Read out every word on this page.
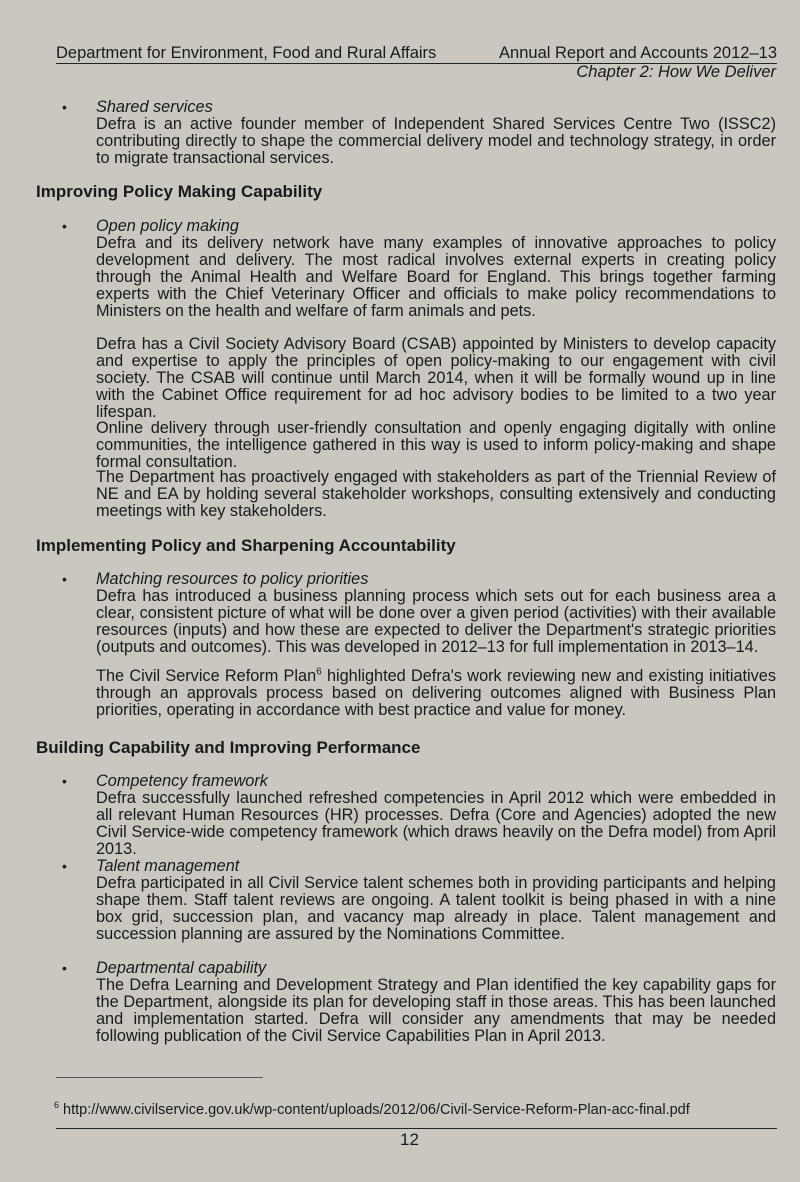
Department for Environment, Food and Rural Affairs	Annual Report and Accounts 2012–13
Chapter 2: How We Deliver
• Shared services

Defra is an active founder member of Independent Shared Services Centre Two (ISSC2) contributing directly to shape the commercial delivery model and technology strategy, in order to migrate transactional services.

Improving Policy Making Capability
• Open policy making

Defra and its delivery network have many examples of innovative approaches to policy development and delivery. The most radical involves external experts in creating policy through the Animal Health and Welfare Board for England. This brings together farming experts with the Chief Veterinary Officer and officials to make policy recommendations to Ministers on the health and welfare of farm animals and pets.

Defra has a Civil Society Advisory Board (CSAB) appointed by Ministers to develop capacity and expertise to apply the principles of open policy-making to our engagement with civil society. The CSAB will continue until March 2014, when it will be formally wound up in line with the Cabinet Office requirement for ad hoc advisory bodies to be limited to a two year lifespan.

Online delivery through user-friendly consultation and openly engaging digitally with online communities, the intelligence gathered in this way is used to inform policy-making and shape formal consultation.

The Department has proactively engaged with stakeholders as part of the Triennial Review of NE and EA by holding several stakeholder workshops, consulting extensively and conducting meetings with key stakeholders.

Implementing Policy and Sharpening Accountability
• Matching resources to policy priorities

Defra has introduced a business planning process which sets out for each business area a clear, consistent picture of what will be done over a given period (activities) with their available resources (inputs) and how these are expected to deliver the Department's strategic priorities (outputs and outcomes). This was developed in 2012–13 for full implementation in 2013–14.

The Civil Service Reform Plan$^6$ highlighted Defra's work reviewing new and existing initiatives through an approvals process based on delivering outcomes aligned with Business Plan priorities, operating in accordance with best practice and value for money.

Building Capability and Improving Performance
• Competency framework

Defra successfully launched refreshed competencies in April 2012 which were embedded in all relevant Human Resources (HR) processes. Defra (Core and Agencies) adopted the new Civil Service-wide competency framework (which draws heavily on the Defra model) from April 2013.

• Talent management

Defra participated in all Civil Service talent schemes both in providing participants and helping shape them. Staff talent reviews are ongoing. A talent toolkit is being phased in with a nine box grid, succession plan, and vacancy map already in place. Talent management and succession planning are assured by the Nominations Committee.

• Departmental capability

The Defra Learning and Development Strategy and Plan identified the key capability gaps for the Department, alongside its plan for developing staff in those areas. This has been launched and implementation started. Defra will consider any amendments that may be needed following publication of the Civil Service Capabilities Plan in April 2013.

$^6$ http://www.civilservice.gov.uk/wp-content/uploads/2012/06/Civil-Service-Reform-Plan-acc-final.pdf
12
